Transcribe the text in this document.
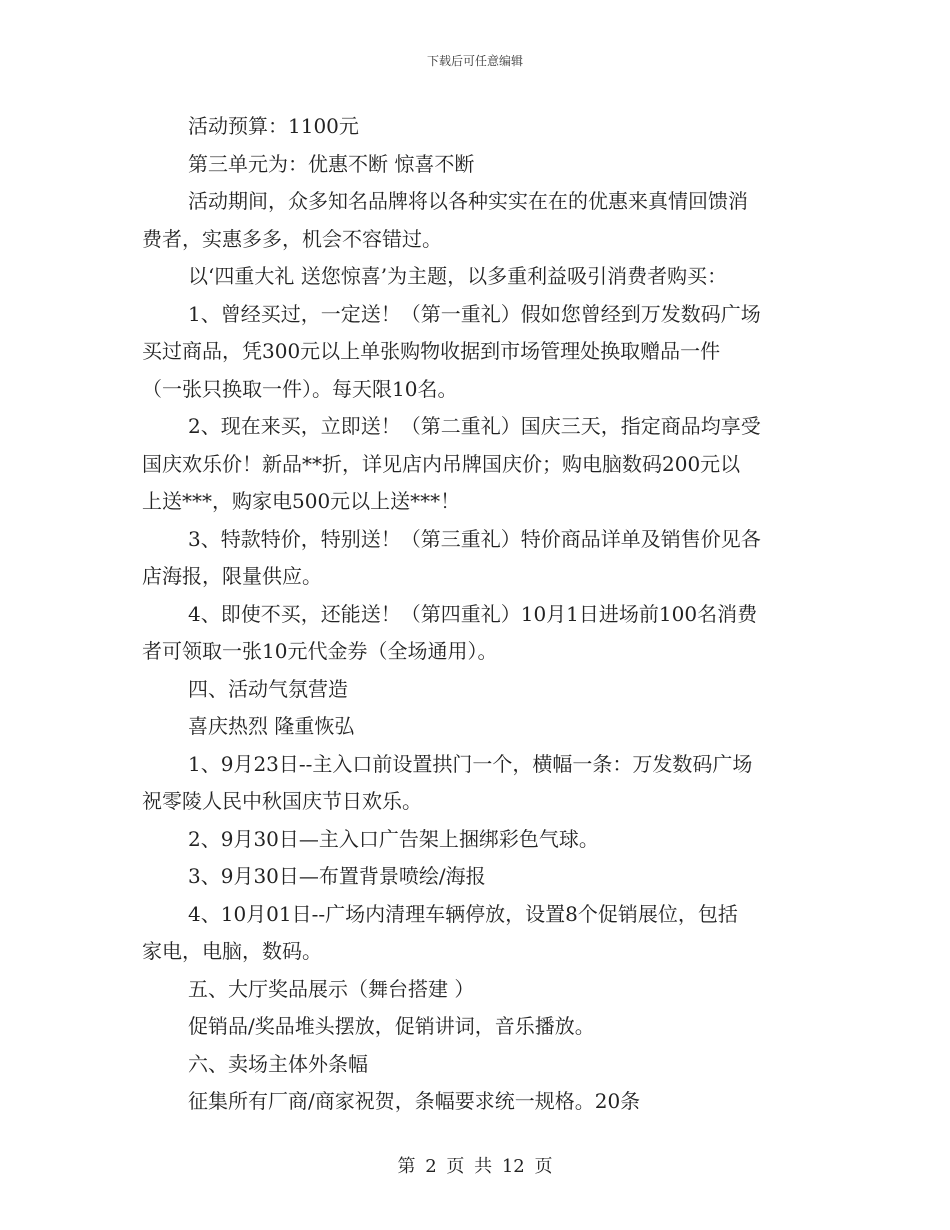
下载后可任意编辑
活动预算：1100元
第三单元为：优惠不断 惊喜不断
活动期间，众多知名品牌将以各种实实在在的优惠来真情回馈消
费者，实惠多多，机会不容错过。
以‘四重大礼 送您惊喜’为主题，以多重利益吸引消费者购买：
1、曾经买过，一定送！（第一重礼）假如您曾经到万发数码广场
买过商品，凭300元以上单张购物收据到市场管理处换取赠品一件
（一张只换取一件）。每天限10名。
2、现在来买，立即送！（第二重礼）国庆三天，指定商品均享受
国庆欢乐价！新品**折，详见店内吊牌国庆价；购电脑数码200元以
上送***，购家电500元以上送***！
3、特款特价，特别送！（第三重礼）特价商品详单及销售价见各
店海报，限量供应。
4、即使不买，还能送！（第四重礼）10月1日进场前100名消费
者可领取一张10元代金券（全场通用）。
四、活动气氛营造
喜庆热烈 隆重恢弘
1、9月23日--主入口前设置拱门一个，横幅一条：万发数码广场
祝零陵人民中秋国庆节日欢乐。
2、9月30日—主入口广告架上捆绑彩色气球。
3、9月30日—布置背景喷绘/海报
4、10月01日--广场内清理车辆停放，设置8个促销展位，包括
家电，电脑，数码。
五、大厅奖品展示（舞台搭建 ）
促销品/奖品堆头摆放，促销讲词，音乐播放。
六、卖场主体外条幅
征集所有厂商/商家祝贺，条幅要求统一规格。20条
第 2 页 共 12 页
